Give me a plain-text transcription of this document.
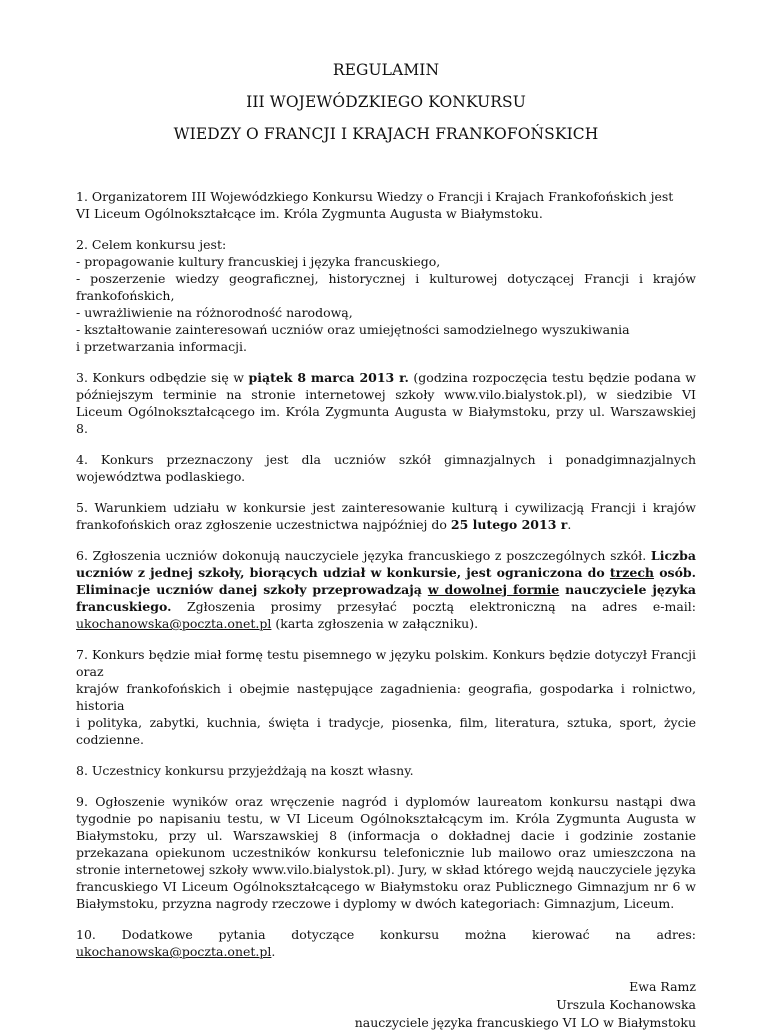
REGULAMIN
III WOJEWÓDZKIEGO KONKURSU
WIEDZY O FRANCJI I KRAJACH FRANKOFOŃSKICH
1. Organizatorem III Wojewódzkiego Konkursu Wiedzy o Francji i Krajach Frankofońskich jest
VI Liceum Ogólnokształcące im. Króla Zygmunta Augusta w Białymstoku.
2. Celem konkursu jest:
- propagowanie kultury francuskiej i języka francuskiego,
- poszerzenie wiedzy geograficznej, historycznej i kulturowej dotyczącej Francji i krajów
frankofońskich,
- uwrażliwienie na różnorodność narodową,
- kształtowanie zainteresowań uczniów oraz umiejętności samodzielnego wyszukiwania
i przetwarzania informacji.
3. Konkurs odbędzie się w piątek 8 marca 2013 r. (godzina rozpoczęcia testu będzie podana w późniejszym terminie na stronie internetowej szkoły www.vilo.bialystok.pl), w siedzibie VI Liceum Ogólnokształcącego im. Króla Zygmunta Augusta w Białymstoku, przy ul. Warszawskiej 8.
4. Konkurs przeznaczony jest dla uczniów szkół gimnazjalnych i ponadgimnazjalnych województwa podlaskiego.
5. Warunkiem udziału w konkursie jest zainteresowanie kulturą i cywilizacją Francji i krajów frankofońskich oraz zgłoszenie uczestnictwa najpóźniej do 25 lutego 2013 r.
6. Zgłoszenia uczniów dokonują nauczyciele języka francuskiego z poszczególnych szkół. Liczba uczniów z jednej szkoły, biorących udział w konkursie, jest ograniczona do trzech osób. Eliminacje uczniów danej szkoły przeprowadzają w dowolnej formie nauczyciele języka francuskiego. Zgłoszenia prosimy przesyłać pocztą elektroniczną na adres e-mail: ukochanowska@poczta.onet.pl (karta zgłoszenia w załączniku).
7. Konkurs będzie miał formę testu pisemnego w języku polskim. Konkurs będzie dotyczył Francji oraz
krajów frankofońskich i obejmie następujące zagadnienia: geografia, gospodarka i rolnictwo, historia
i polityka, zabytki, kuchnia, święta i tradycje, piosenka, film, literatura, sztuka, sport, życie codzienne.
8. Uczestnicy konkursu przyjeżdżają na koszt własny.
9. Ogłoszenie wyników oraz wręczenie nagród i dyplomów laureatom konkursu nastąpi dwa tygodnie po napisaniu testu, w VI Liceum Ogólnokształcącym im. Króla Zygmunta Augusta w Białymstoku, przy ul. Warszawskiej 8 (informacja o dokładnej dacie i godzinie zostanie przekazana opiekunom uczestników konkursu telefonicznie lub mailowo oraz umieszczona na stronie internetowej szkoły www.vilo.bialystok.pl). Jury, w skład którego wejdą nauczyciele języka francuskiego VI Liceum Ogólnokształcącego w Białymstoku oraz Publicznego Gimnazjum nr 6 w Białymstoku, przyzna nagrody rzeczowe i dyplomy w dwóch kategoriach: Gimnazjum, Liceum.
10. Dodatkowe pytania dotyczące konkursu można kierować na adres: ukochanowska@poczta.onet.pl.
Ewa Ramz
Urszula Kochanowska
nauczyciele języka francuskiego VI LO w Białymstoku
